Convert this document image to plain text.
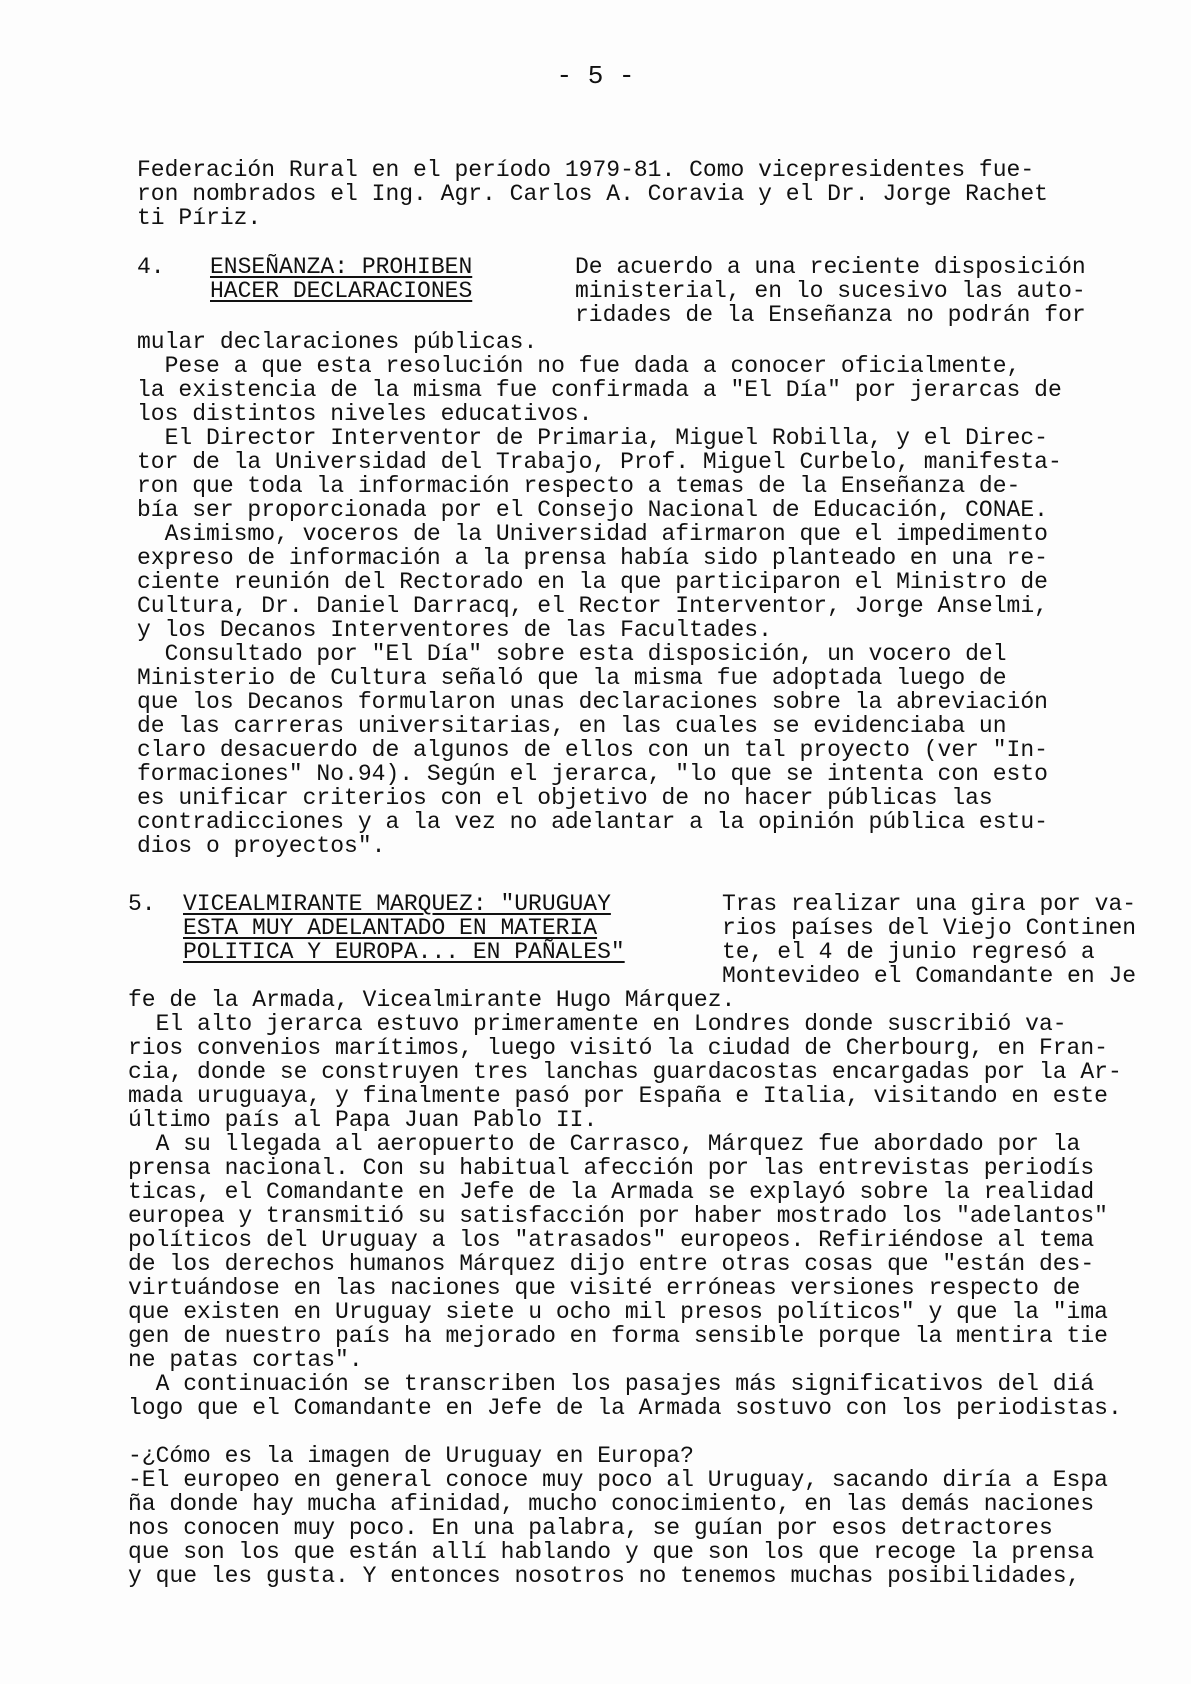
- 5 -
Federación Rural en el período 1979-81. Como vicepresidentes fue-
ron nombrados el Ing. Agr. Carlos A. Coravia y el Dr. Jorge Rachet
ti Píriz.
4. ENSEÑANZA: PROHIBEN
HACER DECLARACIONES
De acuerdo a una reciente disposición
ministerial, en lo sucesivo las auto-
ridades de la Enseñanza no podrán for
mular declaraciones públicas.
Pese a que esta resolución no fue dada a conocer oficialmente,
la existencia de la misma fue confirmada a "El Día" por jerarcas de
los distintos niveles educativos.
El Director Interventor de Primaria, Miguel Robilla, y el Direc-
tor de la Universidad del Trabajo, Prof. Miguel Curbelo, manifesta-
ron que toda la información respecto a temas de la Enseñanza de-
bía ser proporcionada por el Consejo Nacional de Educación, CONAE.
Asimismo, voceros de la Universidad afirmaron que el impedimento
expreso de información a la prensa había sido planteado en una re-
ciente reunión del Rectorado en la que participaron el Ministro de
Cultura, Dr. Daniel Darracq, el Rector Interventor, Jorge Anselmi,
y los Decanos Interventores de las Facultades.
Consultado por "El Día" sobre esta disposición, un vocero del
Ministerio de Cultura señaló que la misma fue adoptada luego de
que los Decanos formularon unas declaraciones sobre la abreviación
de las carreras universitarias, en las cuales se evidenciaba un
claro desacuerdo de algunos de ellos con un tal proyecto (ver "In-
formaciones" No.94). Según el jerarca, "lo que se intenta con esto
es unificar criterios con el objetivo de no hacer públicas las
contradicciones y a la vez no adelantar a la opinión pública estu-
dios o proyectos".
5. VICEALMIRANTE MARQUEZ: "URUGUAY
ESTA MUY ADELANTADO EN MATERIA
POLITICA Y EUROPA... EN PAÑALES"
Tras realizar una gira por va-
rios países del Viejo Continen
te, el 4 de junio regresó a
Montevideo el Comandante en Je
fe de la Armada, Vicealmirante Hugo Márquez.
El alto jerarca estuvo primeramente en Londres donde suscribió va-
rios convenios marítimos, luego visitó la ciudad de Cherbourg, en Fran-
cia, donde se construyen tres lanchas guardacostas encargadas por la Ar-
mada uruguaya, y finalmente pasó por España e Italia, visitando en este
último país al Papa Juan Pablo II.
A su llegada al aeropuerto de Carrasco, Márquez fue abordado por la
prensa nacional. Con su habitual afección por las entrevistas periodís
ticas, el Comandante en Jefe de la Armada se explayó sobre la realidad
europea y transmitió su satisfacción por haber mostrado los "adelantos"
políticos del Uruguay a los "atrasados" europeos. Refiriéndose al tema
de los derechos humanos Márquez dijo entre otras cosas que "están des-
virtuándose en las naciones que visité erróneas versiones respecto de
que existen en Uruguay siete u ocho mil presos políticos" y que la "ima
gen de nuestro país ha mejorado en forma sensible porque la mentira tie
ne patas cortas".
A continuación se transcriben los pasajes más significativos del diá
logo que el Comandante en Jefe de la Armada sostuvo con los periodistas.
-¿Cómo es la imagen de Uruguay en Europa?
-El europeo en general conoce muy poco al Uruguay, sacando diría a Espa
ña donde hay mucha afinidad, mucho conocimiento, en las demás naciones
nos conocen muy poco. En una palabra, se guían por esos detractores
que son los que están allí hablando y que son los que recoge la prensa
y que les gusta. Y entonces nosotros no tenemos muchas posibilidades,
